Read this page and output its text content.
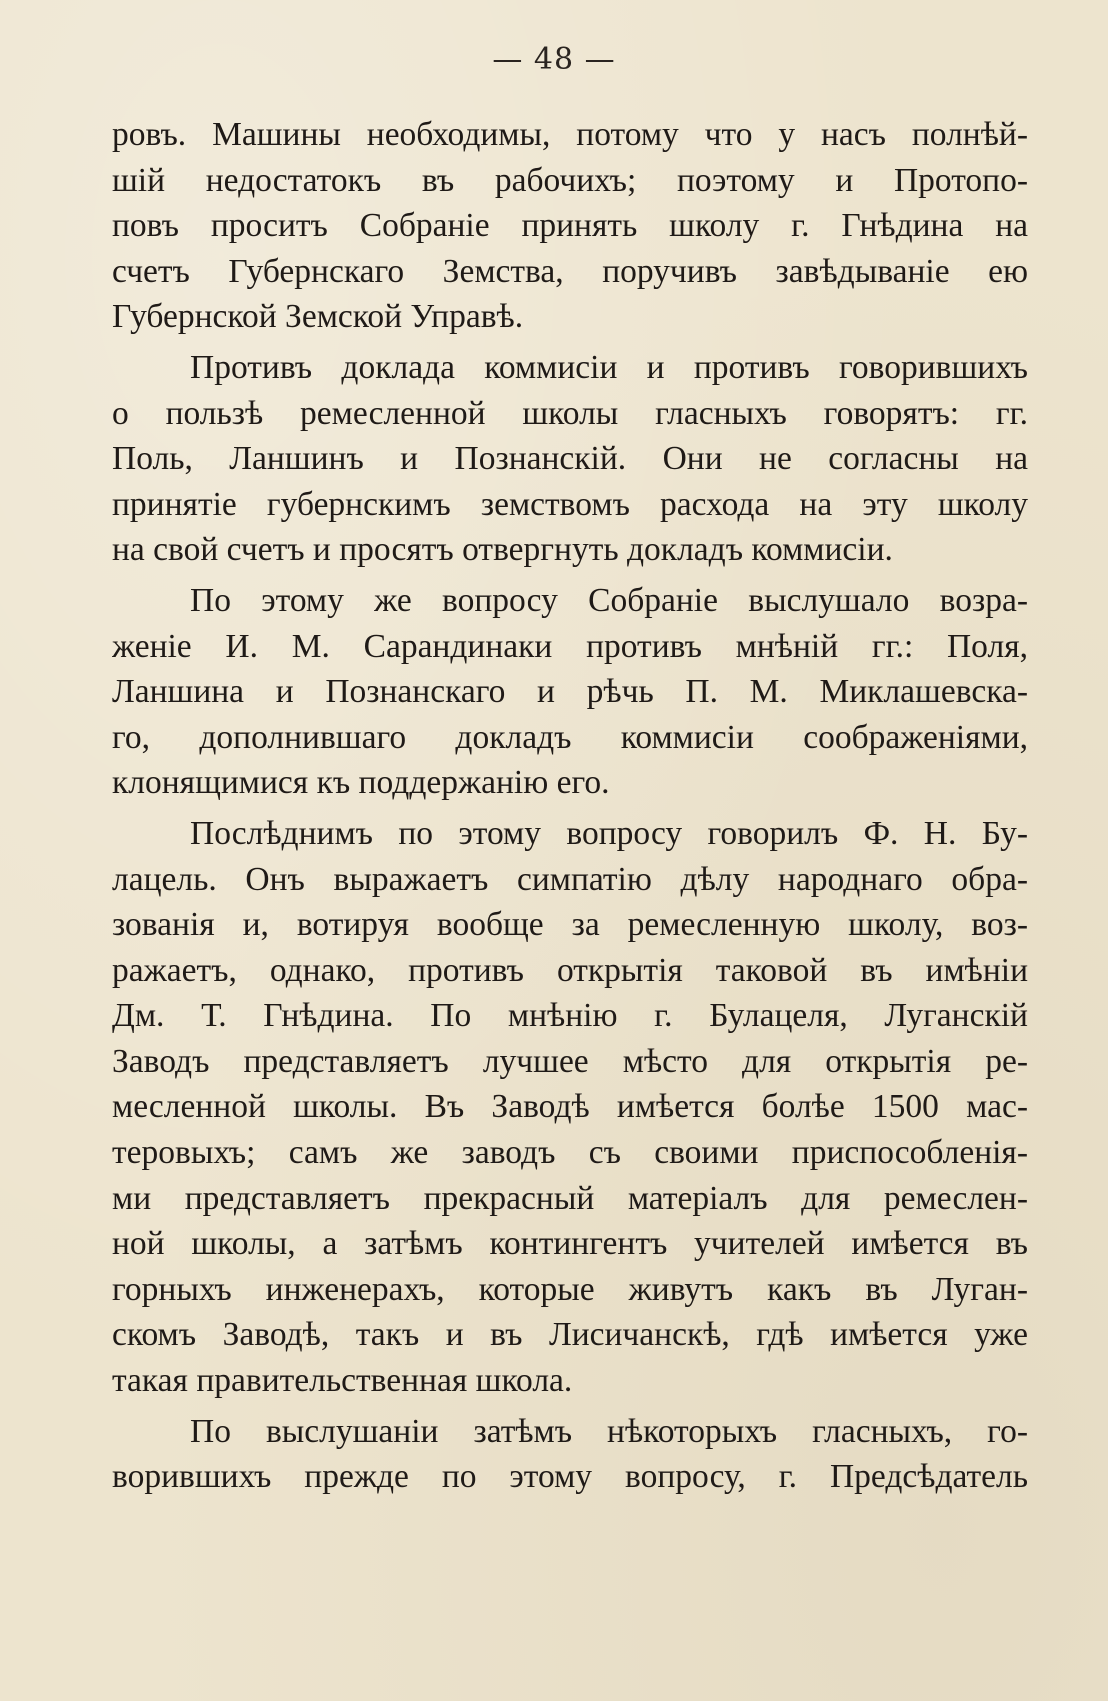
— 48 —
ровъ. Машины необходимы, потому что у насъ полнѣй-
шiй недостатокъ въ рабочихъ; поэтому и Протопо-
повъ проситъ Собранiе принять школу г. Гнѣдина на
счетъ Губернскаго Земства, поручивъ завѣдыванiе ею
Губернской Земской Управѣ.
Противъ доклада коммисiи и противъ говорившихъ
о пользѣ ремесленной школы гласныхъ говорятъ: гг.
Поль, Ланшинъ и Познанскiй. Они не согласны на
принятiе губернскимъ земствомъ расхода на эту школу
на свой счетъ и просятъ отвергнуть докладъ коммисiи.
По этому же вопросу Собранiе выслушало возра-
женiе И. М. Сарандинаки противъ мнѣнiй гг.: Поля,
Ланшина и Познанскаго и рѣчь П. М. Миклашевска-
го, дополнившаго докладъ коммисiи соображенiями,
клонящимися къ поддержанiю его.
Послѣднимъ по этому вопросу говорилъ Ф. Н. Бу-
лацель. Онъ выражаетъ симпатiю дѣлу народнаго обра-
зованiя и, вотируя вообще за ремесленную школу, воз-
ражаетъ, однако, противъ открытiя таковой въ имѣнiи
Дм. Т. Гнѣдина. По мнѣнiю г. Булацеля, Луганскiй
Заводъ представляетъ лучшее мѣсто для открытiя ре-
месленной школы. Въ Заводѣ имѣется болѣе 1500 мас-
теровыхъ; самъ же заводъ съ своими приспособленiя-
ми представляетъ прекрасный матерiалъ для ремеслен-
ной школы, а затѣмъ контингентъ учителей имѣется въ
горныхъ инженерахъ, которые живутъ какъ въ Луган-
скомъ Заводѣ, такъ и въ Лисичанскѣ, гдѣ имѣется уже
такая правительственная школа.
По выслушанiи затѣмъ нѣкоторыхъ гласныхъ, го-
ворившихъ прежде по этому вопросу, г. Предсѣдатель
